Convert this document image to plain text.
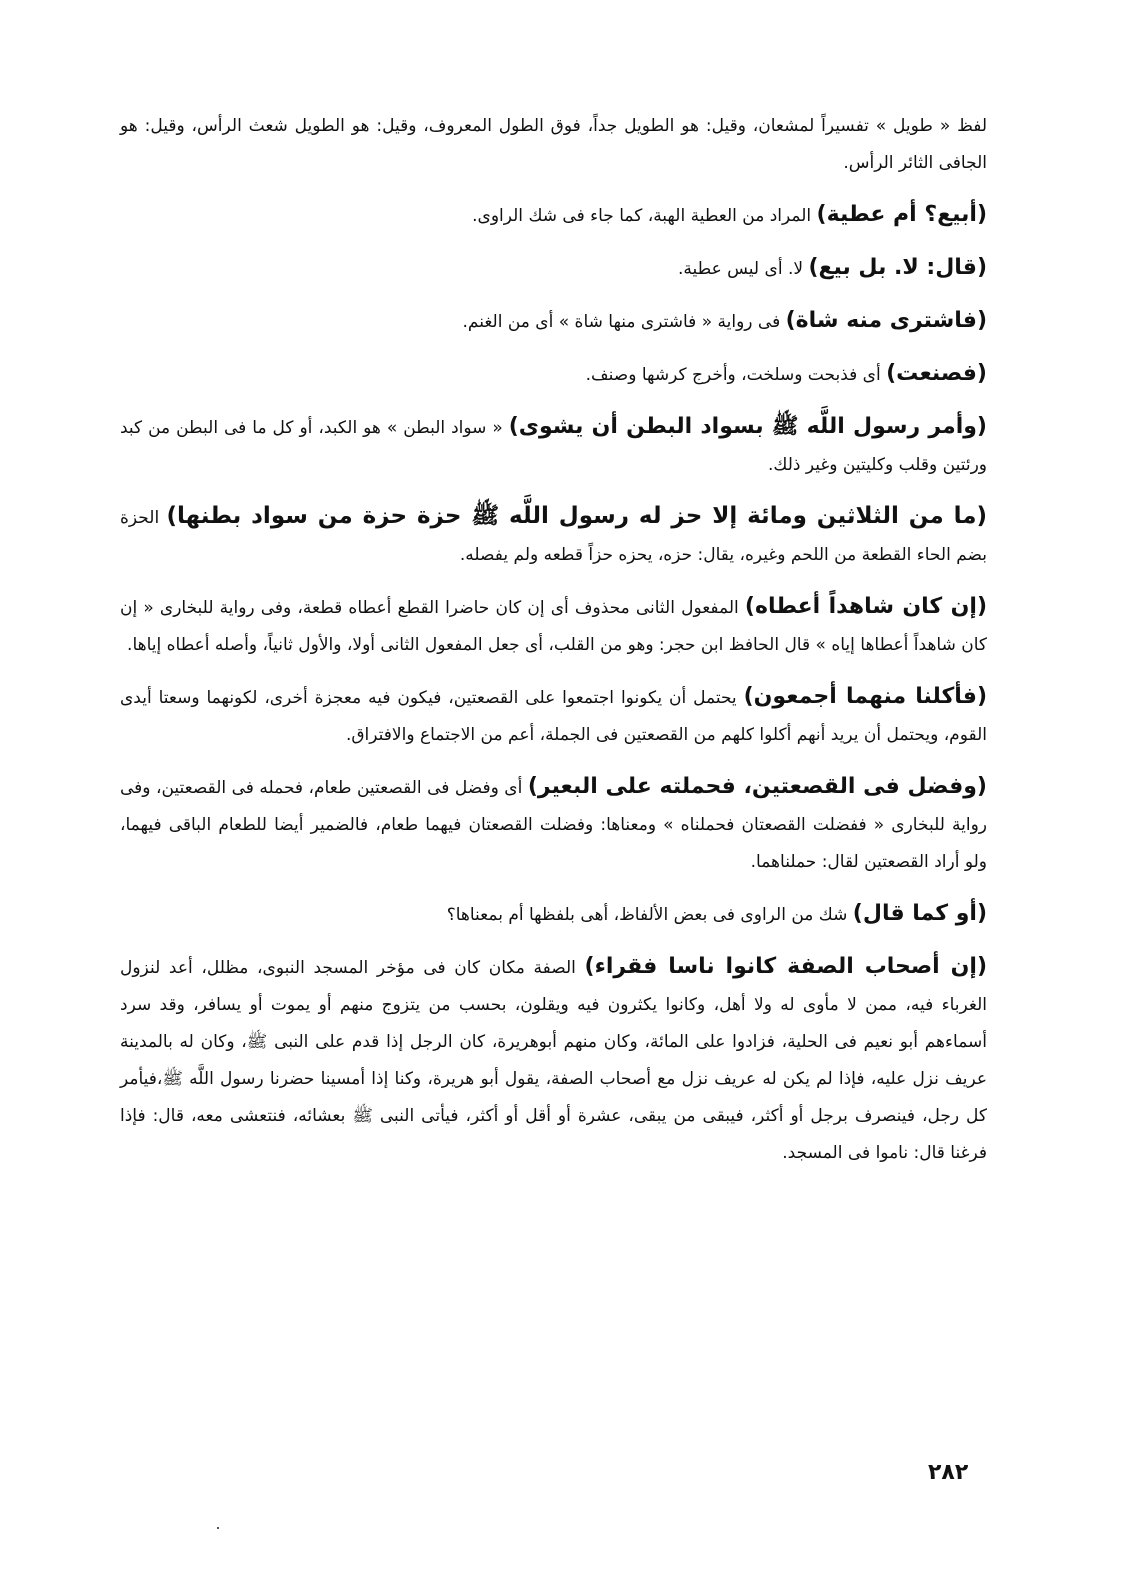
لفظ « طويل » تفسيراً لمشعان، وقيل: هو الطويل جداً، فوق الطول المعروف، وقيل: هو الطويل شعث الرأس، وقيل: هو الجافى الثائر الرأس.

(أبيع؟ أم عطية) المراد من العطية الهبة، كما جاء فى شك الراوى.

(قال: لا. بل بيع) لا. أى ليس عطية.

(فاشترى منه شاة) فى رواية « فاشترى منها شاة » أى من الغنم.

(فصنعت) أى فذبحت وسلخت، وأخرج كرشها وصنف.

(وأمر رسول اللَّه ﷺ بسواد البطن أن يشوى) « سواد البطن » هو الكبد، أو كل ما فى البطن من كبد ورئتين وقلب وكليتين وغير ذلك.

(ما من الثلاثين ومائة إلا حز له رسول اللَّه ﷺ حزة حزة من سواد بطنها) الحزة بضم الحاء القطعة من اللحم وغيره، يقال: حزه، يحزه حزاً قطعه ولم يفصله.

(إن كان شاهداً أعطاه) المفعول الثانى محذوف أى إن كان حاضرا القطع أعطاه قطعة، وفى رواية للبخارى « إن كان شاهداً أعطاها إياه » قال الحافظ ابن حجر: وهو من القلب، أى جعل المفعول الثانى أولا، والأول ثانياً، وأصله أعطاه إياها.

(فأكلنا منهما أجمعون) يحتمل أن يكونوا اجتمعوا على القصعتين، فيكون فيه معجزة أخرى، لكونهما وسعتا أيدى القوم، ويحتمل أن يريد أنهم أكلوا كلهم من القصعتين فى الجملة، أعم من الاجتماع والافتراق.

(وفضل فى القصعتين، فحملته على البعير) أى وفضل فى القصعتين طعام، فحمله فى القصعتين، وفى رواية للبخارى « ففضلت القصعتان فحملناه » ومعناها: وفضلت القصعتان فيهما طعام، فالضمير أيضا للطعام الباقى فيهما، ولو أراد القصعتين لقال: حملناهما.

(أو كما قال) شك من الراوى فى بعض الألفاظ، أهى بلفظها أم بمعناها؟

(إن أصحاب الصفة كانوا ناسا فقراء) الصفة مكان كان فى مؤخر المسجد النبوى، مظلل، أعد لنزول الغرباء فيه، ممن لا مأوى له ولا أهل، وكانوا يكثرون فيه ويقلون، بحسب من يتزوج منهم أو يموت أو يسافر، وقد سرد أسماءهم أبو نعيم فى الحلية، فزادوا على المائة، وكان منهم أبوهريرة، كان الرجل إذا قدم على النبى ﷺ، وكان له بالمدينة عريف نزل عليه، فإذا لم يكن له عريف نزل مع أصحاب الصفة، يقول أبو هريرة، وكنا إذا أمسينا حضرنا رسول اللَّه ﷺ،فيأمر كل رجل، فينصرف برجل أو أكثر، فيبقى من يبقى، عشرة أو أقل أو أكثر، فيأتى النبى ﷺ بعشائه، فنتعشى معه، قال: فإذا فرغنا قال: ناموا فى المسجد.

٢٨٢
